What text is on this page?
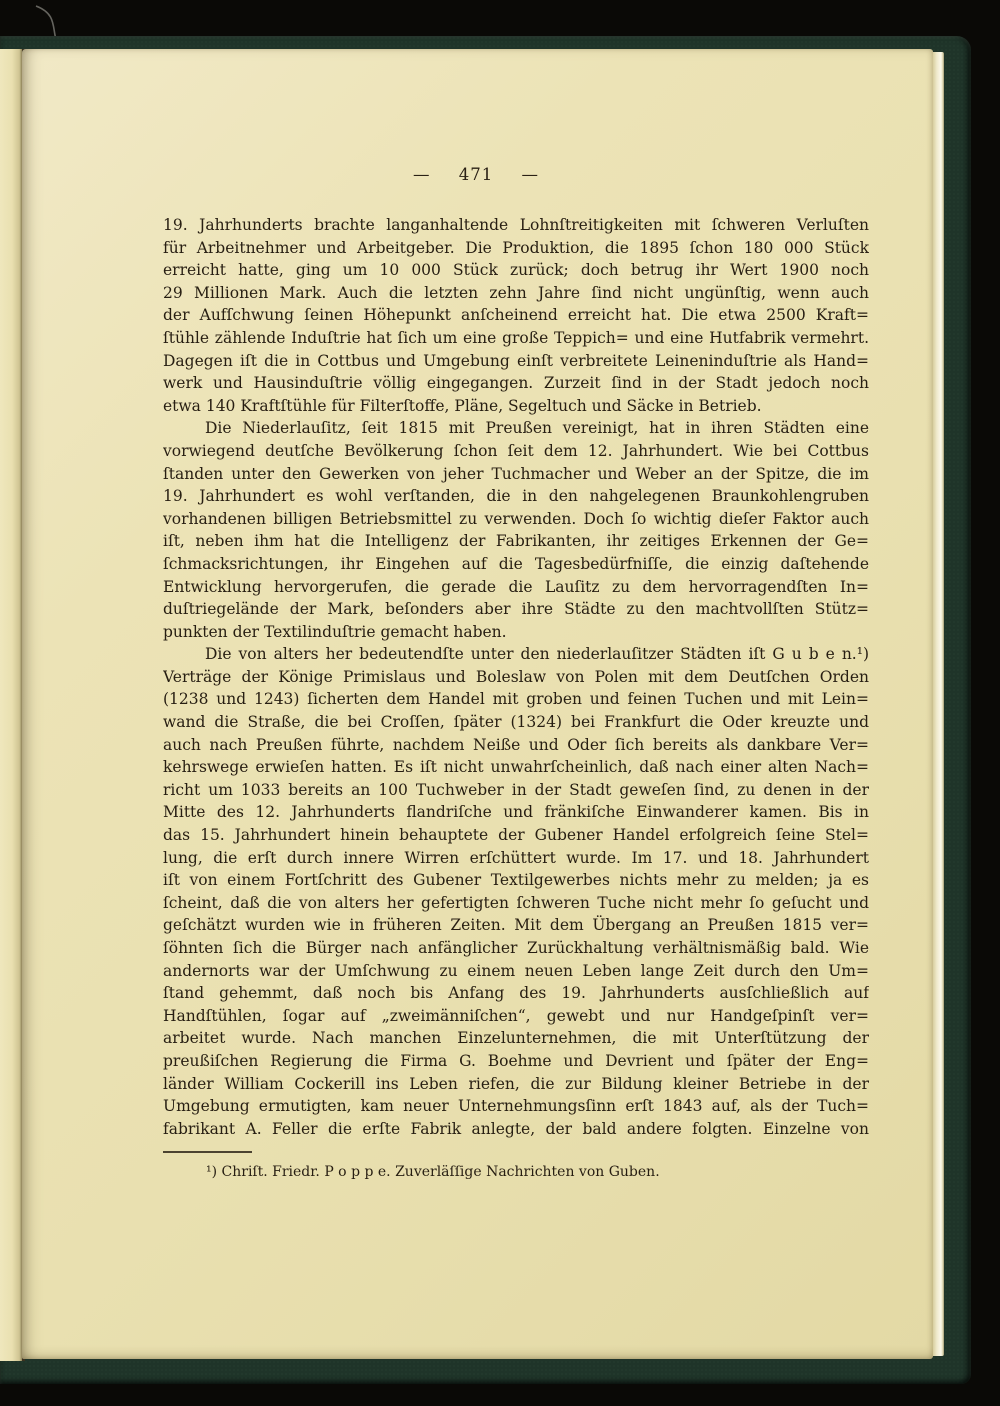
— 471 —
19. Jahrhunderts brachte langanhaltende Lohnſtreitigkeiten mit ſchweren Verluſten
für Arbeitnehmer und Arbeitgeber. Die Produktion, die 1895 ſchon 180 000 Stück
erreicht hatte, ging um 10 000 Stück zurück; doch betrug ihr Wert 1900 noch
29 Millionen Mark. Auch die letzten zehn Jahre ſind nicht ungünſtig, wenn auch
der Aufſchwung ſeinen Höhepunkt anſcheinend erreicht hat. Die etwa 2500 Kraft=
ſtühle zählende Induſtrie hat ſich um eine große Teppich= und eine Hutfabrik vermehrt.
Dagegen iſt die in Cottbus und Umgebung einſt verbreitete Leineninduſtrie als Hand=
werk und Hausinduſtrie völlig eingegangen. Zurzeit ſind in der Stadt jedoch noch
etwa 140 Kraftſtühle für Filterſtoffe, Pläne, Segeltuch und Säcke in Betrieb.
Die Niederlauſitz, ſeit 1815 mit Preußen vereinigt, hat in ihren Städten eine
vorwiegend deutſche Bevölkerung ſchon ſeit dem 12. Jahrhundert. Wie bei Cottbus
ſtanden unter den Gewerken von jeher Tuchmacher und Weber an der Spitze, die im
19. Jahrhundert es wohl verſtanden, die in den nahgelegenen Braunkohlengruben
vorhandenen billigen Betriebsmittel zu verwenden. Doch ſo wichtig dieſer Faktor auch
iſt, neben ihm hat die Intelligenz der Fabrikanten, ihr zeitiges Erkennen der Ge=
ſchmacksrichtungen, ihr Eingehen auf die Tagesbedürfniſſe, die einzig daſtehende
Entwicklung hervorgerufen, die gerade die Lauſitz zu dem hervorragendſten In=
duſtriegelände der Mark, beſonders aber ihre Städte zu den machtvollſten Stütz=
punkten der Textilinduſtrie gemacht haben.
Die von alters her bedeutendſte unter den niederlauſitzer Städten iſt G u b e n.¹)
Verträge der Könige Primislaus und Boleslaw von Polen mit dem Deutſchen Orden
(1238 und 1243) ſicherten dem Handel mit groben und feinen Tuchen und mit Lein=
wand die Straße, die bei Croſſen, ſpäter (1324) bei Frankfurt die Oder kreuzte und
auch nach Preußen führte, nachdem Neiße und Oder ſich bereits als dankbare Ver=
kehrswege erwieſen hatten. Es iſt nicht unwahrſcheinlich, daß nach einer alten Nach=
richt um 1033 bereits an 100 Tuchweber in der Stadt geweſen ſind, zu denen in der
Mitte des 12. Jahrhunderts flandriſche und fränkiſche Einwanderer kamen. Bis in
das 15. Jahrhundert hinein behauptete der Gubener Handel erfolgreich ſeine Stel=
lung, die erſt durch innere Wirren erſchüttert wurde. Im 17. und 18. Jahrhundert
iſt von einem Fortſchritt des Gubener Textilgewerbes nichts mehr zu melden; ja es
ſcheint, daß die von alters her gefertigten ſchweren Tuche nicht mehr ſo geſucht und
geſchätzt wurden wie in früheren Zeiten. Mit dem Übergang an Preußen 1815 ver=
ſöhnten ſich die Bürger nach anfänglicher Zurückhaltung verhältnismäßig bald. Wie
andernorts war der Umſchwung zu einem neuen Leben lange Zeit durch den Um=
ſtand gehemmt, daß noch bis Anfang des 19. Jahrhunderts ausſchließlich auf
Handſtühlen, ſogar auf „zweimänniſchen“, gewebt und nur Handgeſpinſt ver=
arbeitet wurde. Nach manchen Einzelunternehmen, die mit Unterſtützung der
preußiſchen Regierung die Firma G. Boehme und Devrient und ſpäter der Eng=
länder William Cockerill ins Leben riefen, die zur Bildung kleiner Betriebe in der
Umgebung ermutigten, kam neuer Unternehmungsſinn erſt 1843 auf, als der Tuch=
fabrikant A. Feller die erſte Fabrik anlegte, der bald andere folgten. Einzelne von
¹) Chriſt. Friedr. P o p p e. Zuverläſſige Nachrichten von Guben.
